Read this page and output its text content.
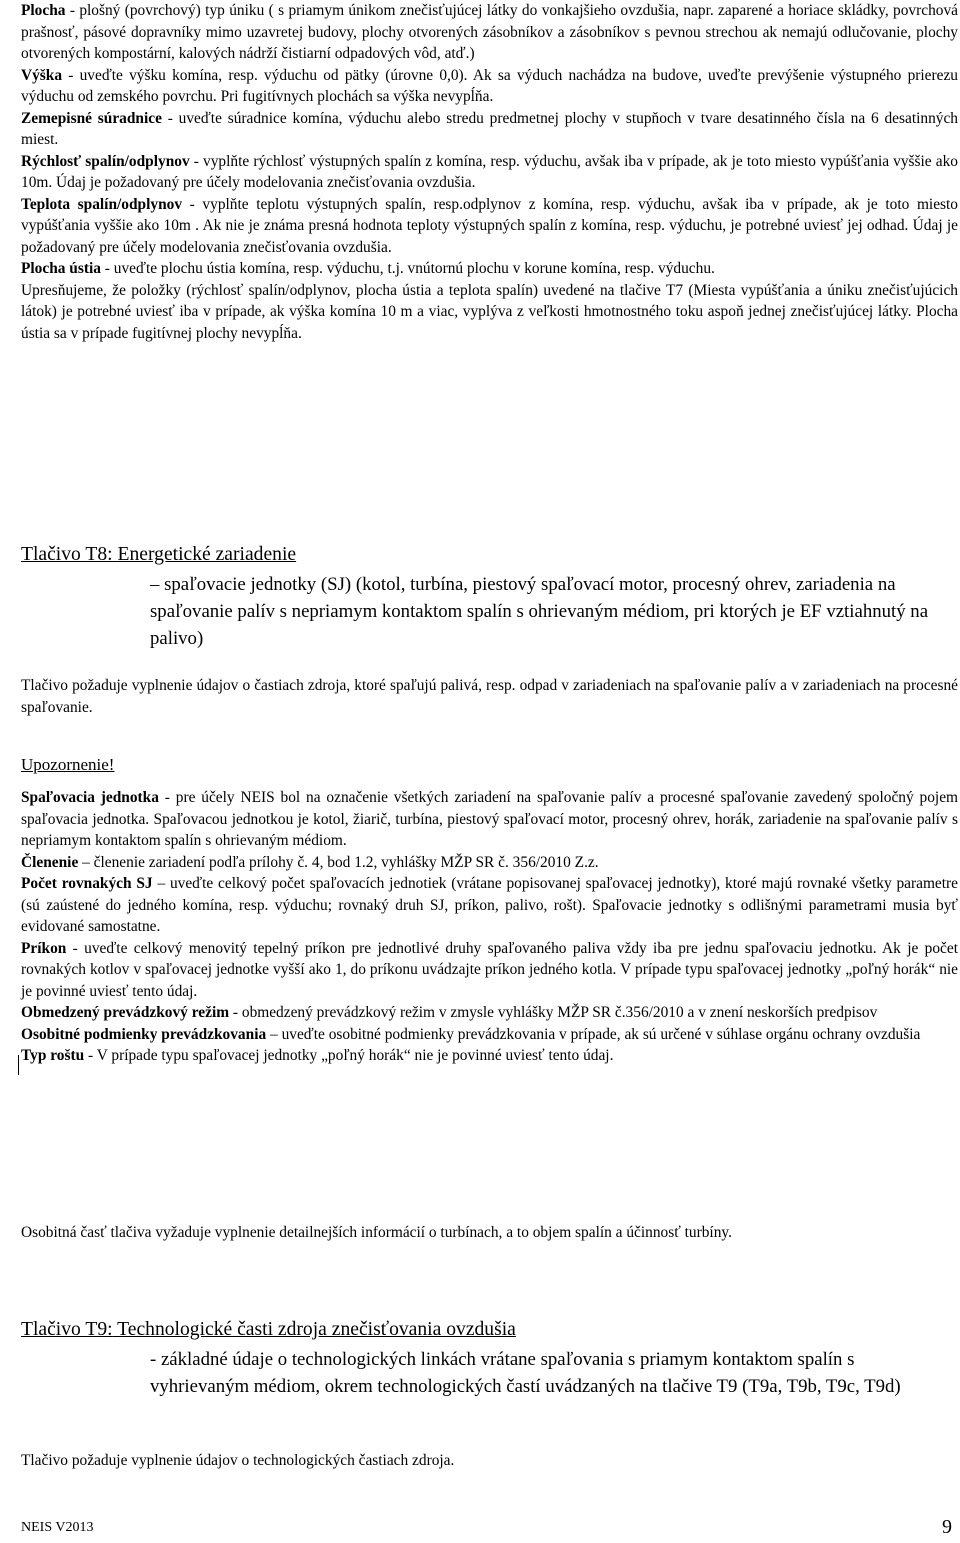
Plocha - plošný (povrchový) typ úniku ( s priamym únikom znečisťujúcej látky do vonkajšieho ovzdušia, napr. zaparené a horiace skládky, povrchová prašnosť, pásové dopravníky mimo uzavretej budovy, plochy otvorených zásobníkov a zásobníkov s pevnou strechou ak nemajú odlučovanie, plochy otvorených kompostární, kalových nádrží čistiarní odpadových vôd, atď.)

Výška - uveďte výšku komína, resp. výduchu od pätky (úrovne 0,0). Ak sa výduch nachádza na budove, uveďte prevýšenie výstupného prierezu výduchu od zemského povrchu. Pri fugitívnych plochách sa výška nevypĺňa.

Zemepisné súradnice - uveďte súradnice komína, výduchu alebo stredu predmetnej plochy v stupňoch v tvare desatinného čísla na 6 desatinných miest.

Rýchlosť spalín/odplynov - vyplňte rýchlosť výstupných spalín z komína, resp. výduchu, avšak iba v prípade, ak je toto miesto vypúšťania vyššie ako 10m. Údaj je požadovaný pre účely modelovania znečisťovania ovzdušia.

Teplota spalín/odplynov - vyplňte teplotu výstupných spalín, resp.odplynov z komína, resp. výduchu, avšak iba v prípade, ak je toto miesto vypúšťania vyššie ako 10m . Ak nie je známa presná hodnota teploty výstupných spalín z komína, resp. výduchu, je potrebné uviesť jej odhad. Údaj je požadovaný pre účely modelovania znečisťovania ovzdušia.

Plocha ústia - uveďte plochu ústia komína, resp. výduchu, t.j. vnútornú plochu v korune komína, resp. výduchu.

Upresňujeme, že položky (rýchlosť spalín/odplynov, plocha ústia a teplota spalín) uvedené na tlačive T7 (Miesta vypúšťania a úniku znečisťujúcich látok) je potrebné uviesť iba v prípade, ak výška komína 10 m a viac, vyplýva z veľkosti hmotnostného toku aspoň jednej znečisťujúcej látky. Plocha ústia sa v prípade fugitívnej plochy nevypĺňa.

Tlačivo T8: Energetické zariadenie

– spaľovacie jednotky (SJ) (kotol, turbína, piestový spaľovací motor, procesný ohrev, zariadenia na spaľovanie palív s nepriamym kontaktom spalín s ohrievaným médiom, pri ktorých je EF vztiahnutý na palivo)

Tlačivo požaduje vyplnenie údajov o častiach zdroja, ktoré spaľujú palivá, resp. odpad v zariadeniach na spaľovanie palív a v zariadeniach na procesné spaľovanie.

Upozornenie!

Spaľovacia jednotka - pre účely NEIS bol na označenie všetkých zariadení na spaľovanie palív a procesné spaľovanie zavedený spoločný pojem spaľovacia jednotka. Spaľovacou jednotkou je kotol, žiarič, turbína, piestový spaľovací motor, procesný ohrev, horák, zariadenie na spaľovanie palív s nepriamym kontaktom spalín s ohrievaným médiom.

Členenie – členenie zariadení podľa prílohy č. 4, bod 1.2, vyhlášky MŽP SR č. 356/2010 Z.z.

Počet rovnakých SJ – uveďte celkový počet spaľovacích jednotiek (vrátane popisovanej spaľovacej jednotky), ktoré majú rovnaké všetky parametre (sú zaústené do jedného komína, resp. výduchu; rovnaký druh SJ, príkon, palivo, rošt). Spaľovacie jednotky s odlišnými parametrami musia byť evidované samostatne.

Príkon - uveďte celkový menovitý tepelný príkon pre jednotlivé druhy spaľovaného paliva vždy iba pre jednu spaľovaciu jednotku. Ak je počet rovnakých kotlov v spaľovacej jednotke vyšší ako 1, do príkonu uvádzajte príkon jedného kotla. V prípade typu spaľovacej jednotky „poľný horák“ nie je povinné uviesť tento údaj.

Obmedzený prevádzkový režim - obmedzený prevádzkový režim v zmysle vyhlášky MŽP SR č.356/2010 a v znení neskorších predpisov

Osobitné podmienky prevádzkovania – uveďte osobitné podmienky prevádzkovania v prípade, ak sú určené v súhlase orgánu ochrany ovzdušia

Typ roštu - V prípade typu spaľovacej jednotky „poľný horák“ nie je povinné uviesť tento údaj.

Osobitná časť tlačiva vyžaduje vyplnenie detailnejších informácií o turbínach, a to objem spalín a účinnosť turbíny.

Tlačivo T9: Technologické časti zdroja znečisťovania ovzdušia

- základné údaje o technologických linkách vrátane spaľovania s priamym kontaktom spalín s vyhrievaným médiom, okrem technologických častí uvádzaných na tlačive T9 (T9a, T9b, T9c, T9d)

Tlačivo požaduje vyplnenie údajov o technologických častiach zdroja.

NEIS V2013	9
